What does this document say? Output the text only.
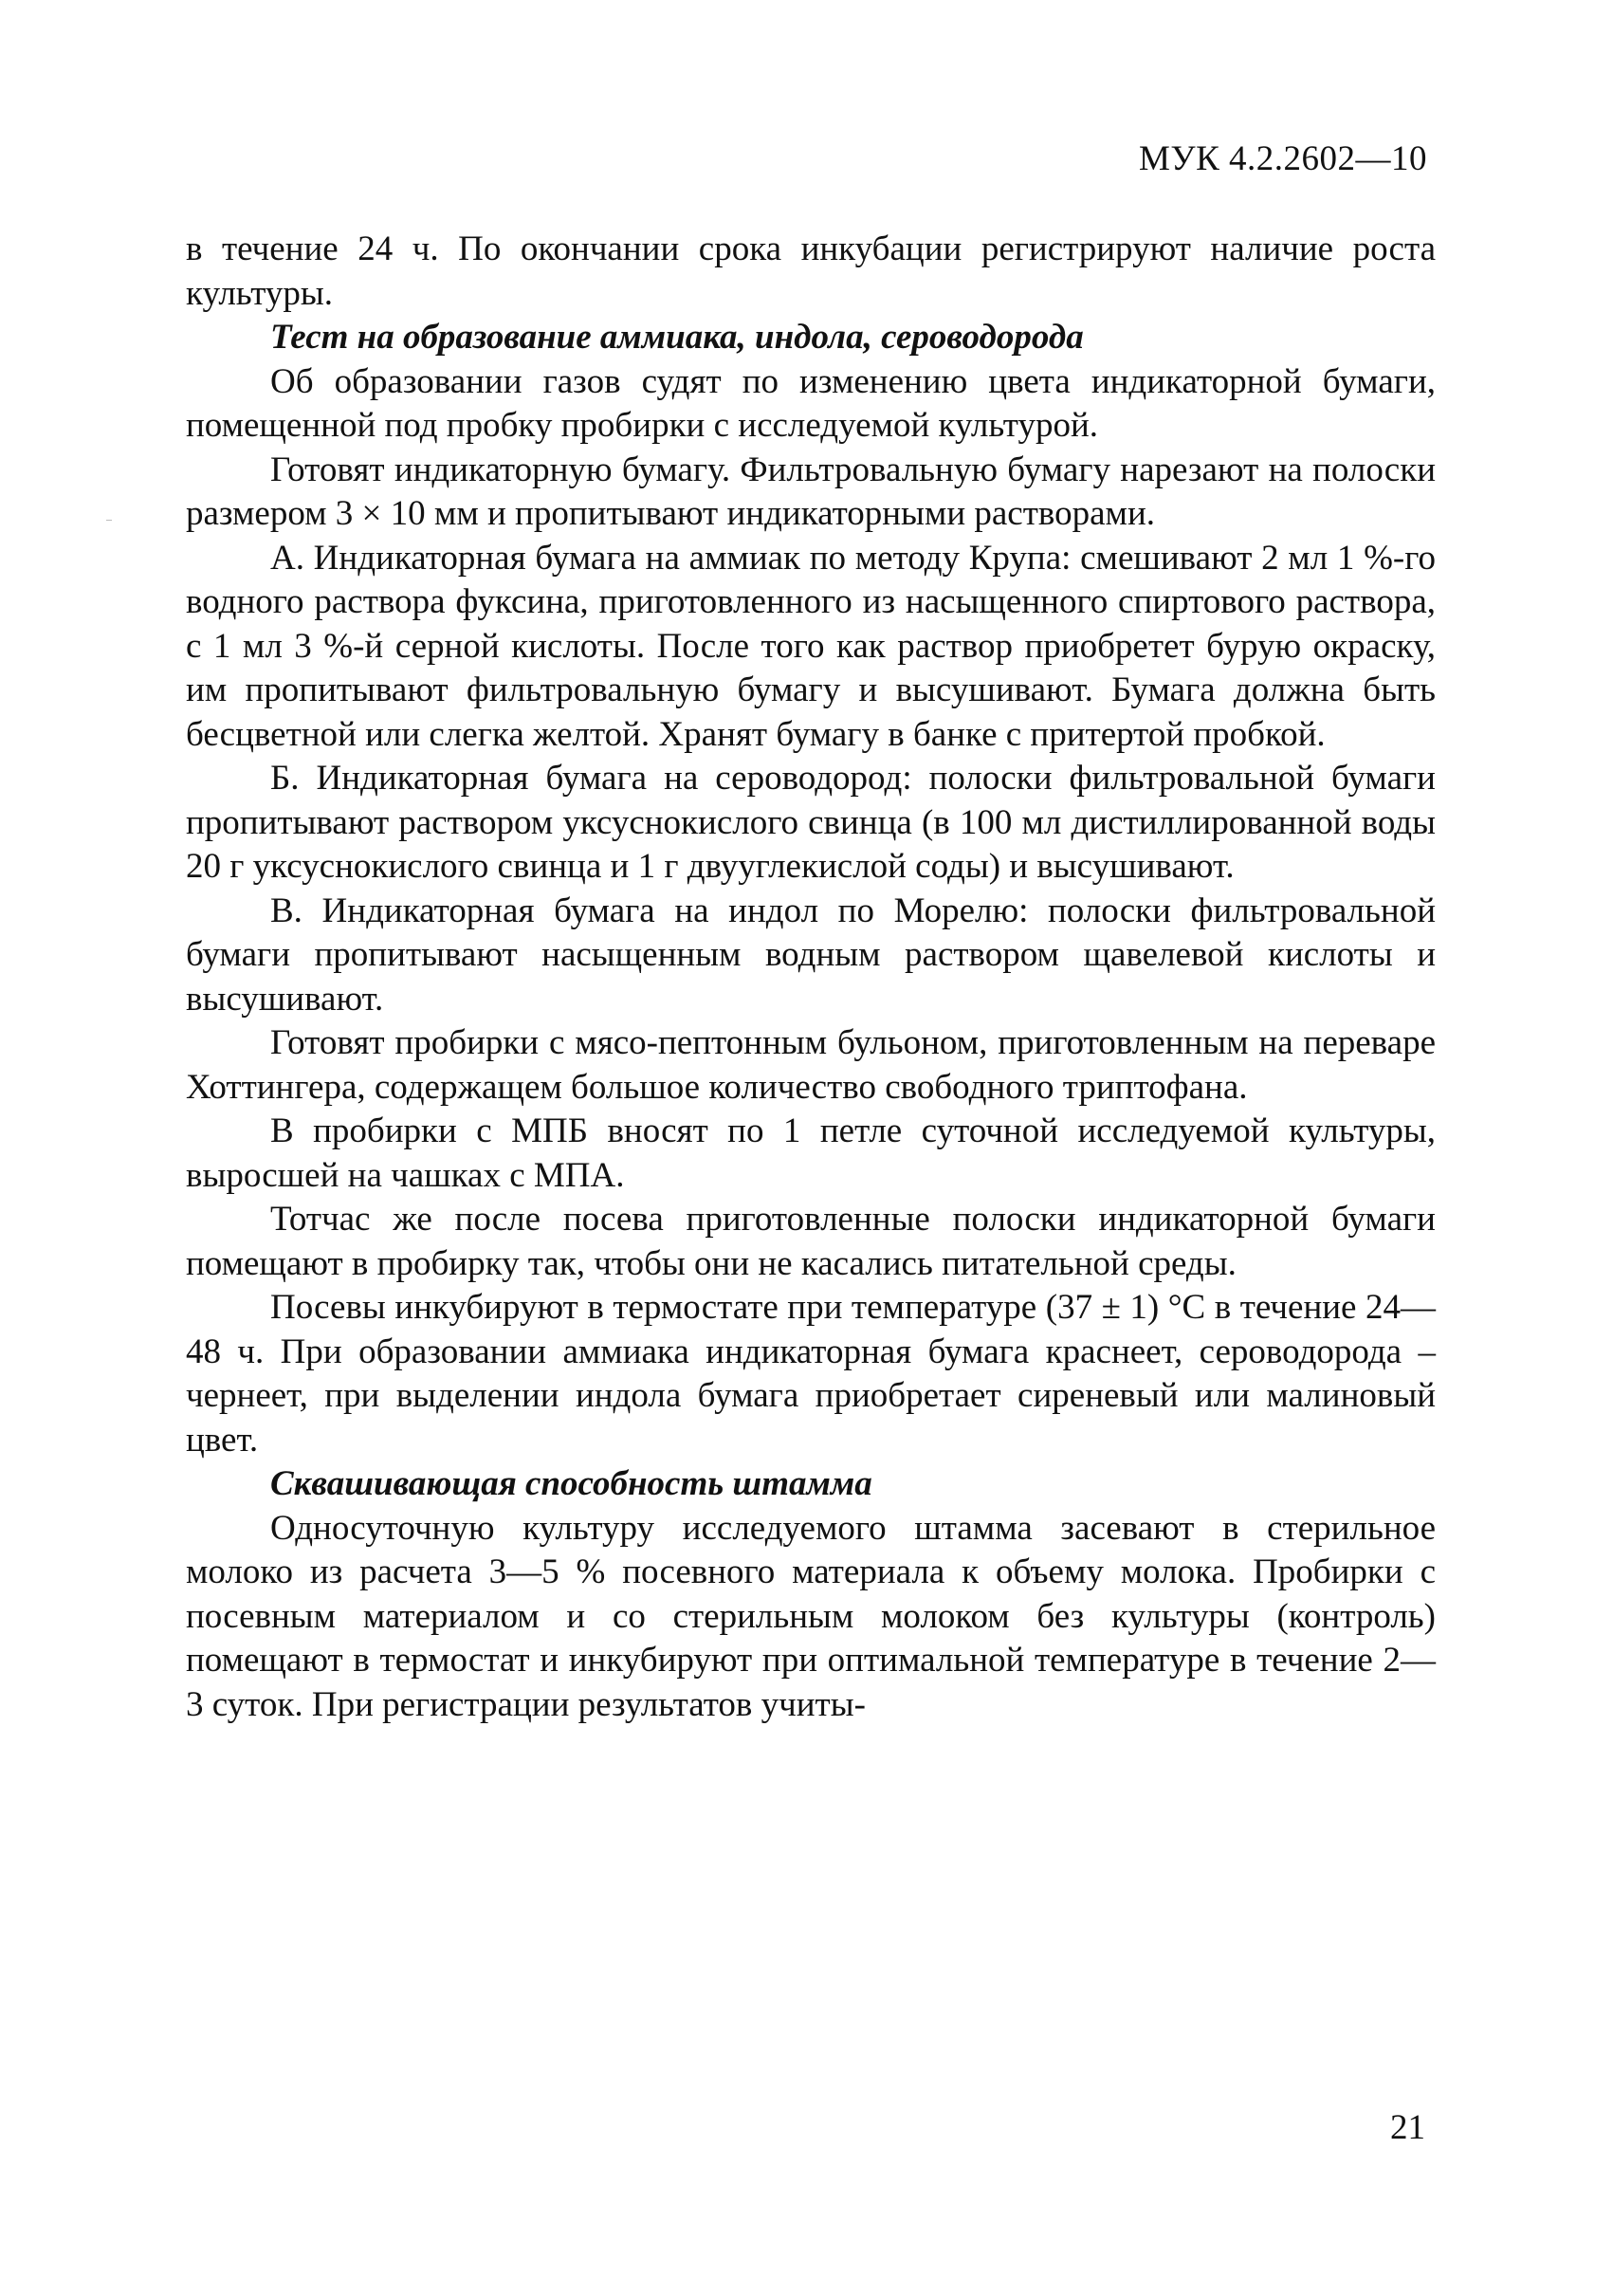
МУК 4.2.2602—10

в течение 24 ч. По окончании срока инкубации регистрируют наличие роста культуры.

Тест на образование аммиака, индола, сероводорода

Об образовании газов судят по изменению цвета индикаторной бумаги, помещенной под пробку пробирки с исследуемой культурой.

Готовят индикаторную бумагу. Фильтровальную бумагу нарезают на полоски размером 3 × 10 мм и пропитывают индикаторными растворами.

А. Индикаторная бумага на аммиак по методу Крупа: смешивают 2 мл 1 %-го водного раствора фуксина, приготовленного из насыщенного спиртового раствора, с 1 мл 3 %-й серной кислоты. После того как раствор приобретет бурую окраску, им пропитывают фильтровальную бумагу и высушивают. Бумага должна быть бесцветной или слегка желтой. Хранят бумагу в банке с притертой пробкой.

Б. Индикаторная бумага на сероводород: полоски фильтровальной бумаги пропитывают раствором уксуснокислого свинца (в 100 мл дистиллированной воды 20 г уксуснокислого свинца и 1 г двууглекислой соды) и высушивают.

В. Индикаторная бумага на индол по Морелю: полоски фильтровальной бумаги пропитывают насыщенным водным раствором щавелевой кислоты и высушивают.

Готовят пробирки с мясо-пептонным бульоном, приготовленным на переваре Хоттингера, содержащем большое количество свободного триптофана.

В пробирки с МПБ вносят по 1 петле суточной исследуемой культуры, выросшей на чашках с МПА.

Тотчас же после посева приготовленные полоски индикаторной бумаги помещают в пробирку так, чтобы они не касались питательной среды.

Посевы инкубируют в термостате при температуре (37 ± 1) °С в течение 24—48 ч. При образовании аммиака индикаторная бумага краснеет, сероводорода – чернеет, при выделении индола бумага приобретает сиреневый или малиновый цвет.

Сквашивающая способность штамма

Односуточную культуру исследуемого штамма засевают в стерильное молоко из расчета 3—5 % посевного материала к объему молока. Пробирки с посевным материалом и со стерильным молоком без культуры (контроль) помещают в термостат и инкубируют при оптимальной температуре в течение 2—3 суток. При регистрации результатов учиты-

21
